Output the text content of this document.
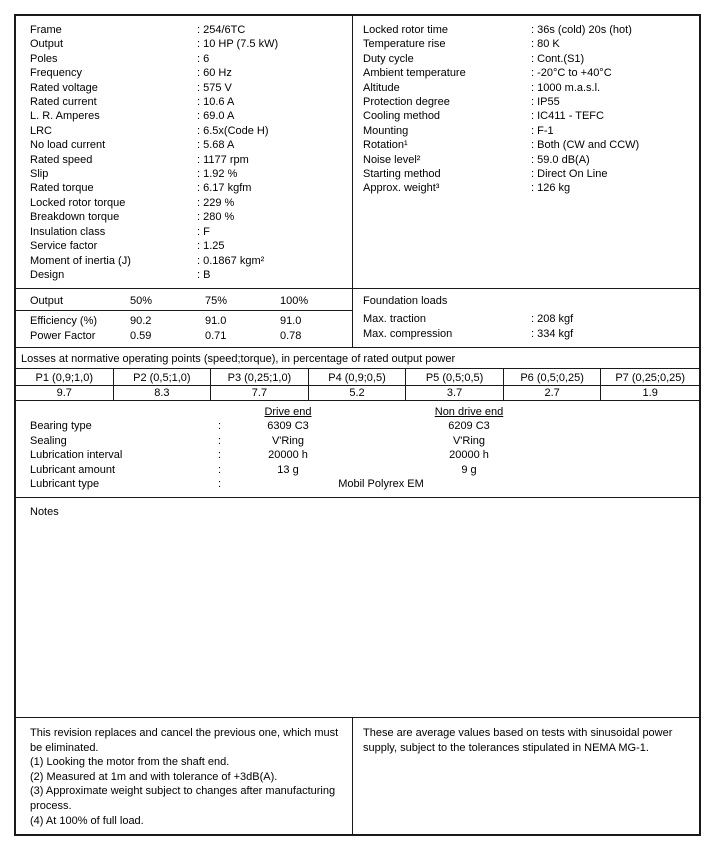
Frame	: 254/6TC
Output	: 10 HP (7.5 kW)
Poles	: 6
Frequency	: 60 Hz
Rated voltage	: 575 V
Rated current	: 10.6 A
L. R. Amperes	: 69.0 A
LRC	: 6.5x(Code H)
No load current	: 5.68 A
Rated speed	: 1177 rpm
Slip	: 1.92 %
Rated torque	: 6.17 kgfm
Locked rotor torque	: 229 %
Breakdown torque	: 280 %
Insulation class	: F
Service factor	: 1.25
Moment of inertia (J)	: 0.1867 kgm²
Design	: B
Locked rotor time	: 36s (cold) 20s (hot)
Temperature rise	: 80 K
Duty cycle	: Cont.(S1)
Ambient temperature	: -20°C to +40°C
Altitude	: 1000 m.a.s.l.
Protection degree	: IP55
Cooling method	: IC411 - TEFC
Mounting	: F-1
Rotation¹	: Both (CW and CCW)
Noise level²	: 59.0 dB(A)
Starting method	: Direct On Line
Approx. weight³	: 126 kg
Output	50%	75%	100%
Efficiency (%)	90.2	91.0	91.0
Power Factor	0.59	0.71	0.78
Foundation loads
Max. traction	: 208 kgf
Max. compression	: 334 kgf
Losses at normative operating points (speed;torque), in percentage of rated output power
P1 (0,9;1,0)	P2 (0,5;1,0)	P3 (0,25;1,0)	P4 (0,9;0,5)	P5 (0,5;0,5)	P6 (0,5;0,25)	P7 (0,25;0,25)
9.7	8.3	7.7	5.2	3.7	2.7	1.9
Drive end	Non drive end
Bearing type :	6309 C3	6209 C3
Sealing :	V'Ring	V'Ring
Lubrication interval :	20000 h	20000 h
Lubricant amount :	13 g	9 g
Lubricant type :	Mobil Polyrex EM
Notes
This revision replaces and cancel the previous one, which must be eliminated.
(1) Looking the motor from the shaft end.
(2) Measured at 1m and with tolerance of +3dB(A).
(3) Approximate weight subject to changes after manufacturing process.
(4) At 100% of full load.
These are average values based on tests with sinusoidal power supply, subject to the tolerances stipulated in NEMA MG-1.
